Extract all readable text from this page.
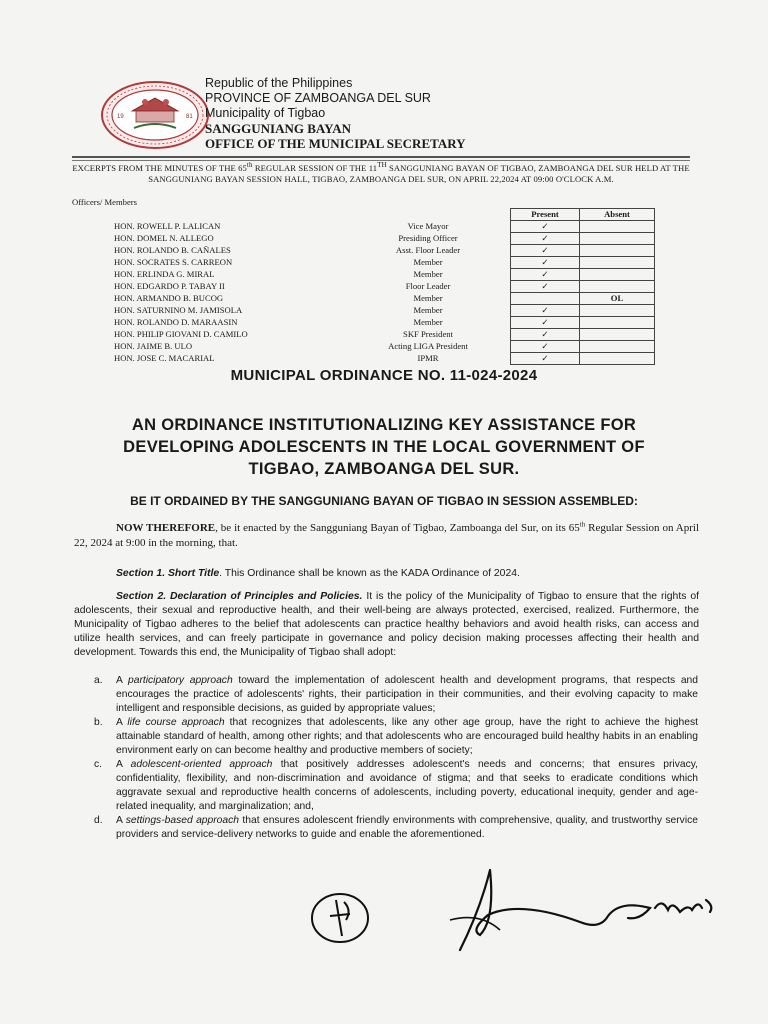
19	81
Republic of the Philippines
PROVINCE OF ZAMBOANGA DEL SUR
Municipality of Tigbao
SANGGUNIANG BAYAN
OFFICE OF THE MUNICIPAL SECRETARY
EXCERPTS FROM THE MINUTES OF THE 65th REGULAR SESSION OF THE 11TH SANGGUNIANG BAYAN OF TIGBAO, ZAMBOANGA DEL SUR HELD AT THE SANGGUNIANG BAYAN SESSION HALL, TIGBAO, ZAMBOANGA DEL SUR, ON APRIL 22,2024 AT 09:00 O'CLOCK A.M.
Officers/ Members
		Present	Absent
HON. ROWELL P. LALICAN	Vice Mayor	✓	
HON. DOMEL N. ALLEGO	Presiding Officer	✓	
HON. ROLANDO B. CAÑALES	Asst. Floor Leader	✓	
HON. SOCRATES S. CARREON	Member	✓	
HON. ERLINDA G. MIRAL	Member	✓	
HON. EDGARDO P. TABAY II	Floor Leader	✓	
HON. ARMANDO B. BUCOG	Member		OL
HON. SATURNINO M. JAMISOLA	Member	✓	
HON. ROLANDO D. MARAASIN	Member	✓	
HON. PHILIP GIOVANI D. CAMILO	SKF President	✓	
HON. JAIME B. ULO	Acting LIGA President	✓	
HON. JOSE C. MACARIAL	IPMR	✓	
MUNICIPAL ORDINANCE NO. 11-024-2024
AN ORDINANCE INSTITUTIONALIZING KEY ASSISTANCE FOR
DEVELOPING ADOLESCENTS IN THE LOCAL GOVERNMENT OF
TIGBAO, ZAMBOANGA DEL SUR.
BE IT ORDAINED BY THE SANGGUNIANG BAYAN OF TIGBAO IN SESSION ASSEMBLED:
NOW THEREFORE, be it enacted by the Sangguniang Bayan of Tigbao, Zamboanga del Sur, on its 65th Regular Session on April 22, 2024 at 9:00 in the morning, that.
Section 1. Short Title. This Ordinance shall be known as the KADA Ordinance of 2024.
Section 2. Declaration of Principles and Policies. It is the policy of the Municipality of Tigbao to ensure that the rights of adolescents, their sexual and reproductive health, and their well-being are always protected, exercised, realized. Furthermore, the Municipality of Tigbao adheres to the belief that adolescents can practice healthy behaviors and avoid health risks, can access and utilize health services, and can freely participate in governance and policy decision making processes affecting their health and development. Towards this end, the Municipality of Tigbao shall adopt:
a. A participatory approach toward the implementation of adolescent health and development programs, that respects and encourages the practice of adolescents' rights, their participation in their communities, and their evolving capacity to make intelligent and responsible decisions, as guided by appropriate values;
b. A life course approach that recognizes that adolescents, like any other age group, have the right to achieve the highest attainable standard of health, among other rights; and that adolescents who are encouraged build healthy habits in an enabling environment early on can become healthy and productive members of society;
c. A adolescent-oriented approach that positively addresses adolescent's needs and concerns; that ensures privacy, confidentiality, flexibility, and non-discrimination and avoidance of stigma; and that seeks to eradicate conditions which aggravate sexual and reproductive health concerns of adolescents, including poverty, educational inequity, gender and age-related inequality, and marginalization; and,
d. A settings-based approach that ensures adolescent friendly environments with comprehensive, quality, and trustworthy service providers and service-delivery networks to guide and enable the aforementioned.
